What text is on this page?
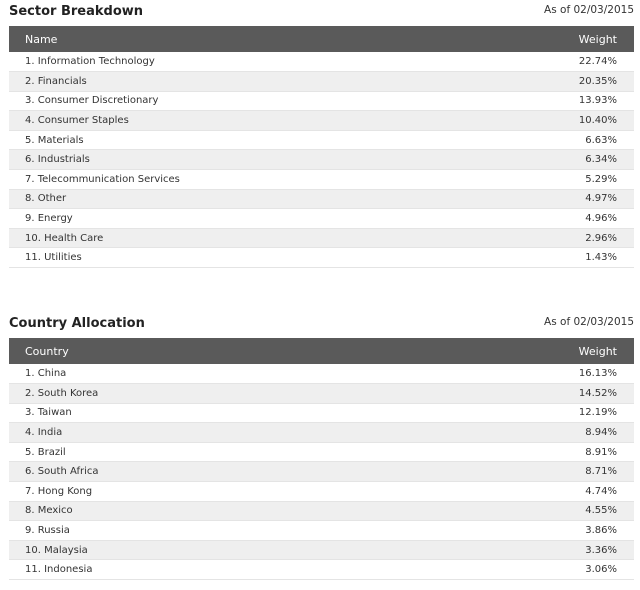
Sector Breakdown	As of 02/03/2015
Name	Weight
1. Information Technology	22.74%
2. Financials	20.35%
3. Consumer Discretionary	13.93%
4. Consumer Staples	10.40%
5. Materials	6.63%
6. Industrials	6.34%
7. Telecommunication Services	5.29%
8. Other	4.97%
9. Energy	4.96%
10. Health Care	2.96%
11. Utilities	1.43%
Country Allocation	As of 02/03/2015
Country	Weight
1. China	16.13%
2. South Korea	14.52%
3. Taiwan	12.19%
4. India	8.94%
5. Brazil	8.91%
6. South Africa	8.71%
7. Hong Kong	4.74%
8. Mexico	4.55%
9. Russia	3.86%
10. Malaysia	3.36%
11. Indonesia	3.06%
